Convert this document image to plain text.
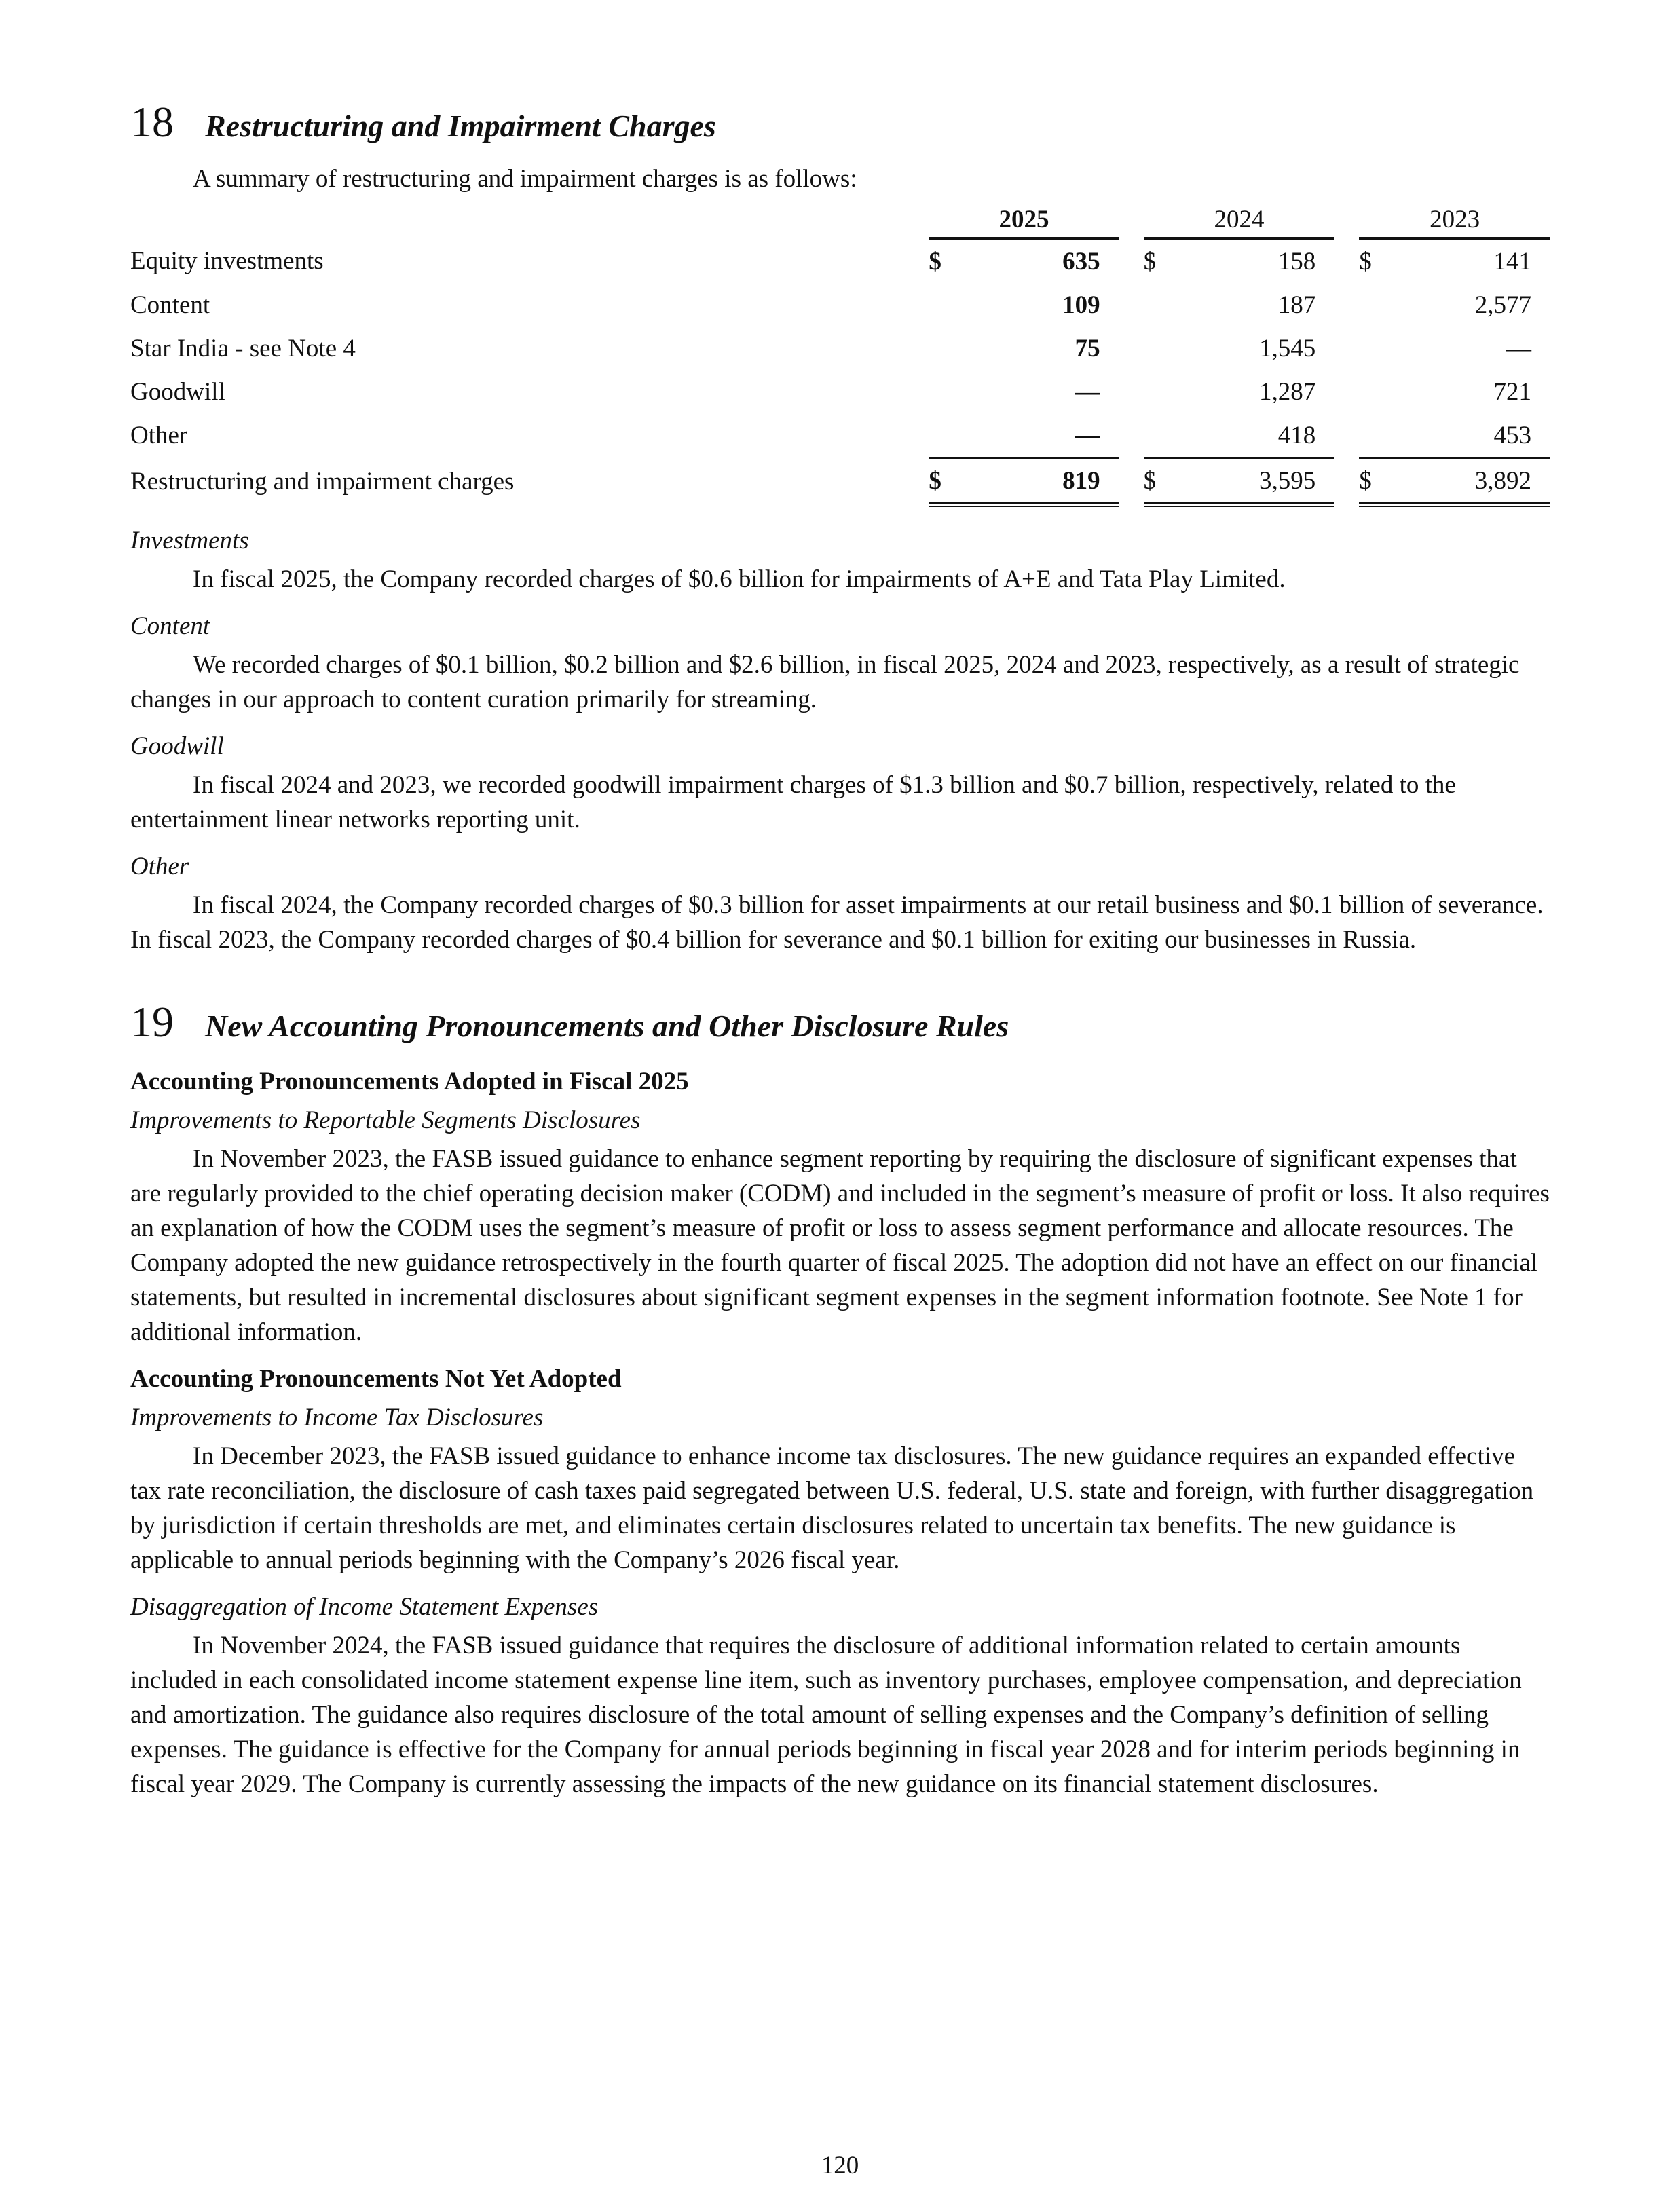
18	Restructuring and Impairment Charges

A summary of restructuring and impairment charges is as follows:

	2025			2024			2023	
Equity investments	$	635		$	158		$	141
Content		109			187			2,577
Star India - see Note 4		75			1,545			—
Goodwill		—			1,287			721
Other		—			418			453
Restructuring and impairment charges	$	819		$	3,595		$	3,892

Investments

In fiscal 2025, the Company recorded charges of $0.6 billion for impairments of A+E and Tata Play Limited.

Content

We recorded charges of $0.1 billion, $0.2 billion and $2.6 billion, in fiscal 2025, 2024 and 2023, respectively, as a result of strategic changes in our approach to content curation primarily for streaming.

Goodwill

In fiscal 2024 and 2023, we recorded goodwill impairment charges of $1.3 billion and $0.7 billion, respectively, related to the entertainment linear networks reporting unit.

Other

In fiscal 2024, the Company recorded charges of $0.3 billion for asset impairments at our retail business and $0.1 billion of severance. In fiscal 2023, the Company recorded charges of $0.4 billion for severance and $0.1 billion for exiting our businesses in Russia.

19	New Accounting Pronouncements and Other Disclosure Rules

Accounting Pronouncements Adopted in Fiscal 2025

Improvements to Reportable Segments Disclosures

In November 2023, the FASB issued guidance to enhance segment reporting by requiring the disclosure of significant expenses that are regularly provided to the chief operating decision maker (CODM) and included in the segment’s measure of profit or loss. It also requires an explanation of how the CODM uses the segment’s measure of profit or loss to assess segment performance and allocate resources. The Company adopted the new guidance retrospectively in the fourth quarter of fiscal 2025. The adoption did not have an effect on our financial statements, but resulted in incremental disclosures about significant segment expenses in the segment information footnote. See Note 1 for additional information.

Accounting Pronouncements Not Yet Adopted

Improvements to Income Tax Disclosures

In December 2023, the FASB issued guidance to enhance income tax disclosures. The new guidance requires an expanded effective tax rate reconciliation, the disclosure of cash taxes paid segregated between U.S. federal, U.S. state and foreign, with further disaggregation by jurisdiction if certain thresholds are met, and eliminates certain disclosures related to uncertain tax benefits. The new guidance is applicable to annual periods beginning with the Company’s 2026 fiscal year.

Disaggregation of Income Statement Expenses

In November 2024, the FASB issued guidance that requires the disclosure of additional information related to certain amounts included in each consolidated income statement expense line item, such as inventory purchases, employee compensation, and depreciation and amortization. The guidance also requires disclosure of the total amount of selling expenses and the Company’s definition of selling expenses. The guidance is effective for the Company for annual periods beginning in fiscal year 2028 and for interim periods beginning in fiscal year 2029. The Company is currently assessing the impacts of the new guidance on its financial statement disclosures.

120
